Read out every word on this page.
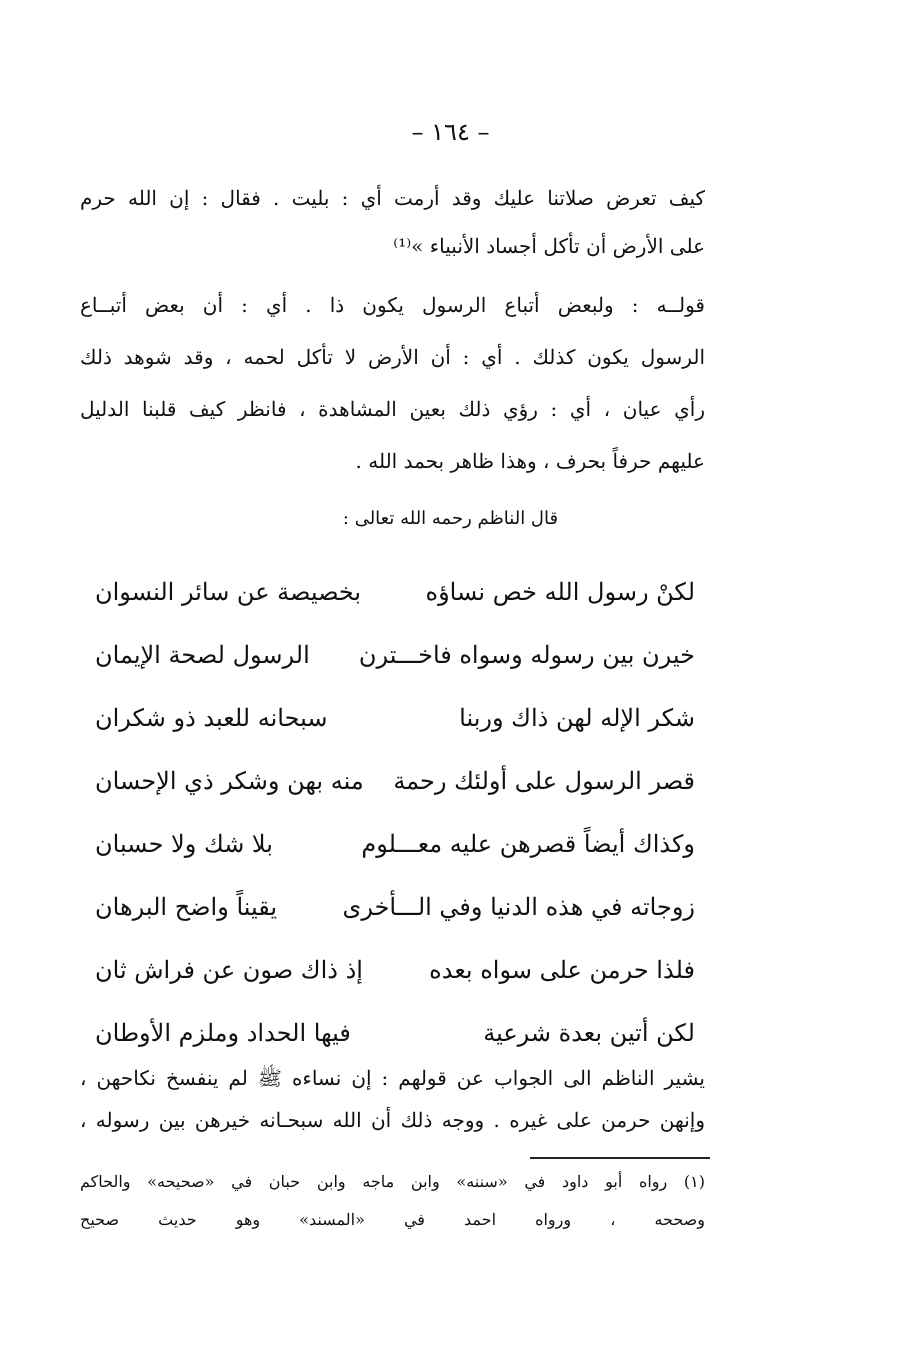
– ١٦٤ –
كيف تعرض صلاتنا عليك وقد أرمت أي : بليت . فقال : إن الله حرم
على الأرض أن تأكل أجساد الأنبياء »⁽¹⁾
قولــه : ولبعض أتباع الرسول يكون ذا . أي : أن بعض أتبــاع
الرسول يكون كذلك . أي : أن الأرض لا تأكل لحمه ، وقد شوهد ذلك
رأي عيان ، أي : رؤي ذلك بعين المشاهدة ، فانظر كيف قلبنا الدليل
عليهم حرفاً بحرف ، وهذا ظاهر بحمد الله .
قال الناظم رحمه الله تعالى :
لكنْ رسول الله خص نساؤه
بخصيصة عن سائر النسوان
خيرن بين رسوله وسواه فاخـــترن
الرسول لصحة الإيمان
شكر الإله لهن ذاك وربنا
سبحانه للعبد ذو شكران
قصر الرسول على أولئك رحمة
منه بهن وشكر ذي الإحسان
وكذاك أيضاً قصرهن عليه معـــلوم
بلا شك ولا حسبان
زوجاته في هذه الدنيا وفي الـــأخرى
يقيناً واضح البرهان
فلذا حرمن على سواه بعده
إذ ذاك صون عن فراش ثان
لكن أتين بعدة شرعية
فيها الحداد وملزم الأوطان
يشير الناظم الى الجواب عن قولهم : إن نساءه ﷺ لم ينفسخ نكاحهن ،
وإنهن حرمن على غيره . ووجه ذلك أن الله سبحـانه خيرهن بين رسوله ،
(١) رواه أبو داود في «سننه» وابن ماجه وابن حبان في «صحيحه» والحاكم
وصححه ، ورواه احمد في «المسند» وهو حديث صحيح
